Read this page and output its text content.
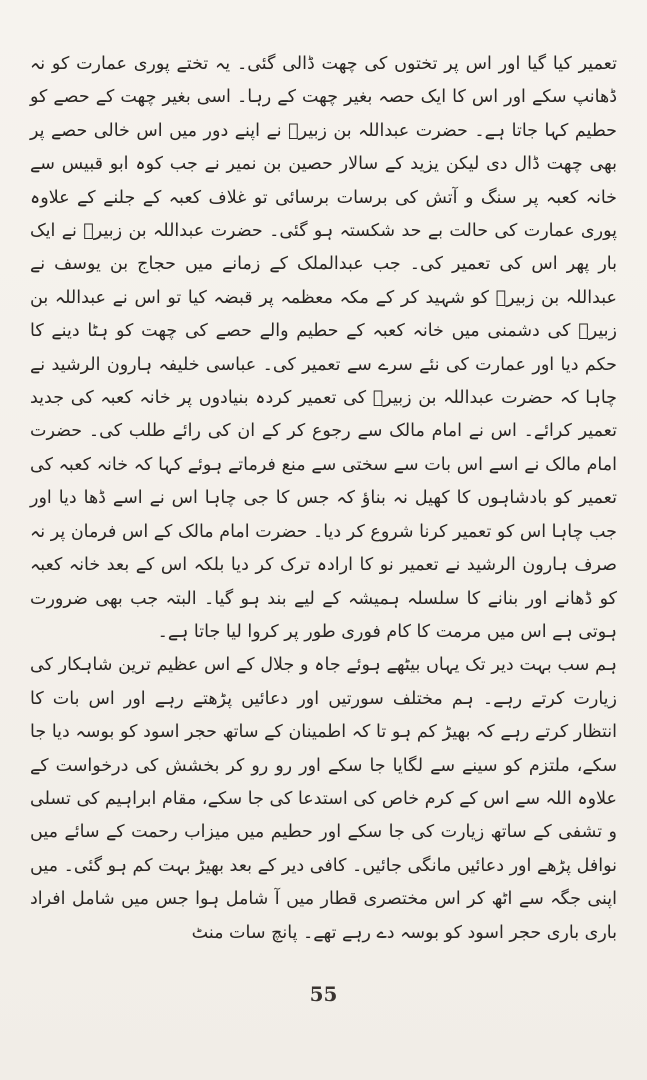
تعمیر کیا گیا اور اس پر تختوں کی چھت ڈالی گئی۔ یہ تختے پوری عمارت کو نہ ڈھانپ سکے اور اس کا ایک حصہ بغیر چھت کے رہا۔ اسی بغیر چھت کے حصے کو حطیم کہا جاتا ہے۔ حضرت عبداللہ بن زبیرؓ نے اپنے دور میں اس خالی حصے پر بھی چھت ڈال دی لیکن یزید کے سالار حصین بن نمیر نے جب کوہ ابو قبیس سے خانہ کعبہ پر سنگ و آتش کی برسات برسائی تو غلاف کعبہ کے جلنے کے علاوہ پوری عمارت کی حالت بے حد شکستہ ہو گئی۔ حضرت عبداللہ بن زبیرؓ نے ایک بار پھر اس کی تعمیر کی۔ جب عبدالملک کے زمانے میں حجاج بن یوسف نے عبداللہ بن زبیرؓ کو شہید کر کے مکہ معظمہ پر قبضہ کیا تو اس نے عبداللہ بن زبیرؓ کی دشمنی میں خانہ کعبہ کے حطیم والے حصے کی چھت کو ہٹا دینے کا حکم دیا اور عمارت کی نئے سرے سے تعمیر کی۔ عباسی خلیفہ ہارون الرشید نے چاہا کہ حضرت عبداللہ بن زبیرؓ کی تعمیر کردہ بنیادوں پر خانہ کعبہ کی جدید تعمیر کرائے۔ اس نے امام مالک سے رجوع کر کے ان کی رائے طلب کی۔ حضرت امام مالک نے اسے اس بات سے سختی سے منع فرماتے ہوئے کہا کہ خانہ کعبہ کی تعمیر کو بادشاہوں کا کھیل نہ بناؤ کہ جس کا جی چاہا اس نے اسے ڈھا دیا اور جب چاہا اس کو تعمیر کرنا شروع کر دیا۔ حضرت امام مالک کے اس فرمان پر نہ صرف ہارون الرشید نے تعمیر نو کا ارادہ ترک کر دیا بلکہ اس کے بعد خانہ کعبہ کو ڈھانے اور بنانے کا سلسلہ ہمیشہ کے لیے بند ہو گیا۔ البتہ جب بھی ضرورت ہوتی ہے اس میں مرمت کا کام فوری طور پر کروا لیا جاتا ہے۔

ہم سب بہت دیر تک یہاں بیٹھے ہوئے جاہ و جلال کے اس عظیم ترین شاہکار کی زیارت کرتے رہے۔ ہم مختلف سورتیں اور دعائیں پڑھتے رہے اور اس بات کا انتظار کرتے رہے کہ بھیڑ کم ہو تا کہ اطمینان کے ساتھ حجر اسود کو بوسہ دیا جا سکے، ملتزم کو سینے سے لگایا جا سکے اور رو رو کر بخشش کی درخواست کے علاوہ اللہ سے اس کے کرم خاص کی استدعا کی جا سکے، مقام ابراہیم کی تسلی و تشفی کے ساتھ زیارت کی جا سکے اور حطیم میں میزاب رحمت کے سائے میں نوافل پڑھے اور دعائیں مانگی جائیں۔ کافی دیر کے بعد بھیڑ بہت کم ہو گئی۔ میں اپنی جگہ سے اٹھ کر اس مختصری قطار میں آ شامل ہوا جس میں شامل افراد باری باری حجر اسود کو بوسہ دے رہے تھے۔ پانچ سات منٹ

55
